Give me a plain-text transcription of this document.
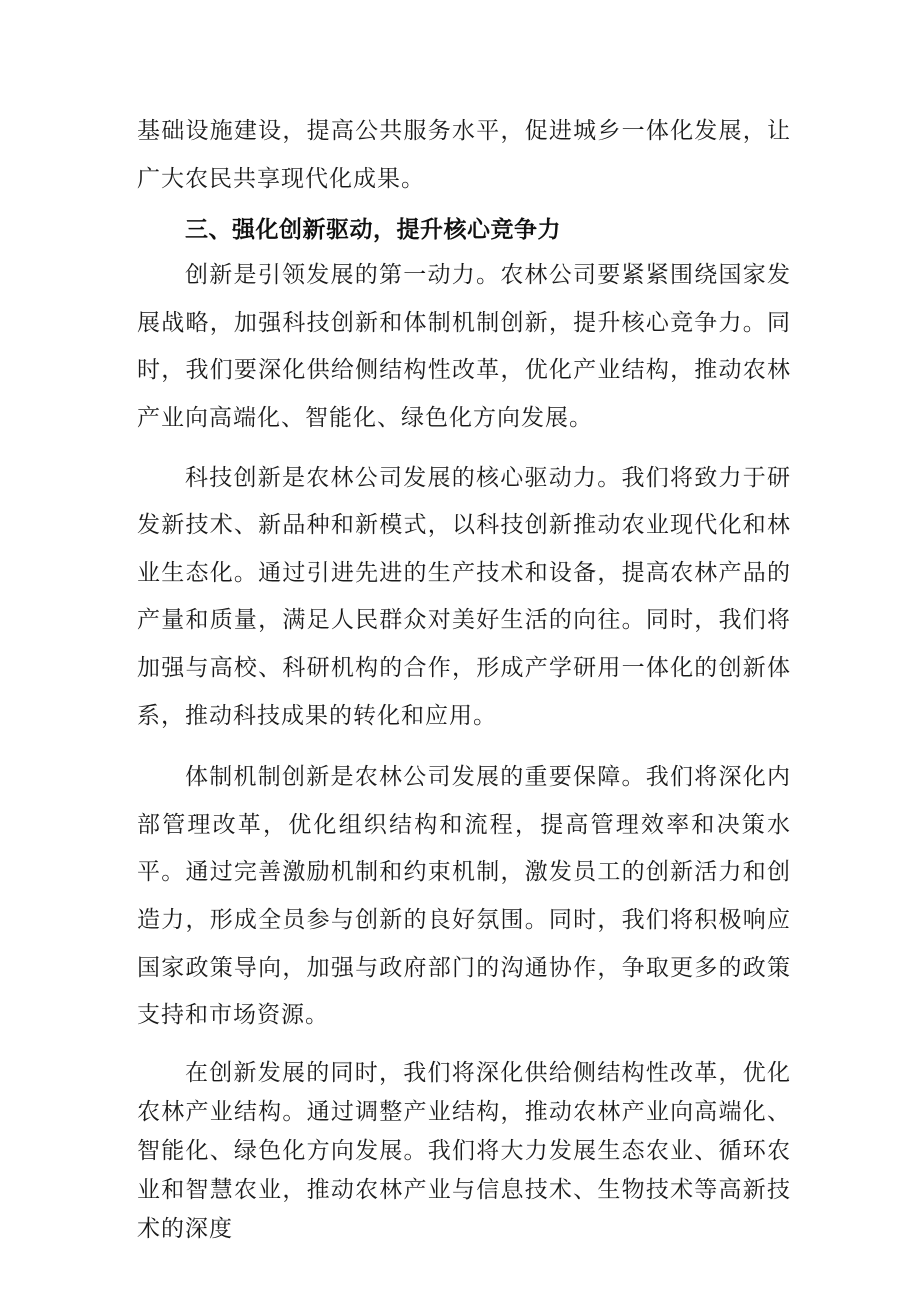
基础设施建设，提高公共服务水平，促进城乡一体化发展，让广大农民共享现代化成果。

三、强化创新驱动，提升核心竞争力

创新是引领发展的第一动力。农林公司要紧紧围绕国家发展战略，加强科技创新和体制机制创新，提升核心竞争力。同时，我们要深化供给侧结构性改革，优化产业结构，推动农林产业向高端化、智能化、绿色化方向发展。

科技创新是农林公司发展的核心驱动力。我们将致力于研发新技术、新品种和新模式，以科技创新推动农业现代化和林业生态化。通过引进先进的生产技术和设备，提高农林产品的产量和质量，满足人民群众对美好生活的向往。同时，我们将加强与高校、科研机构的合作，形成产学研用一体化的创新体系，推动科技成果的转化和应用。

体制机制创新是农林公司发展的重要保障。我们将深化内部管理改革，优化组织结构和流程，提高管理效率和决策水平。通过完善激励机制和约束机制，激发员工的创新活力和创造力，形成全员参与创新的良好氛围。同时，我们将积极响应国家政策导向，加强与政府部门的沟通协作，争取更多的政策支持和市场资源。

在创新发展的同时，我们将深化供给侧结构性改革，优化农林产业结构。通过调整产业结构，推动农林产业向高端化、智能化、绿色化方向发展。我们将大力发展生态农业、循环农业和智慧农业，推动农林产业与信息技术、生物技术等高新技术的深度
